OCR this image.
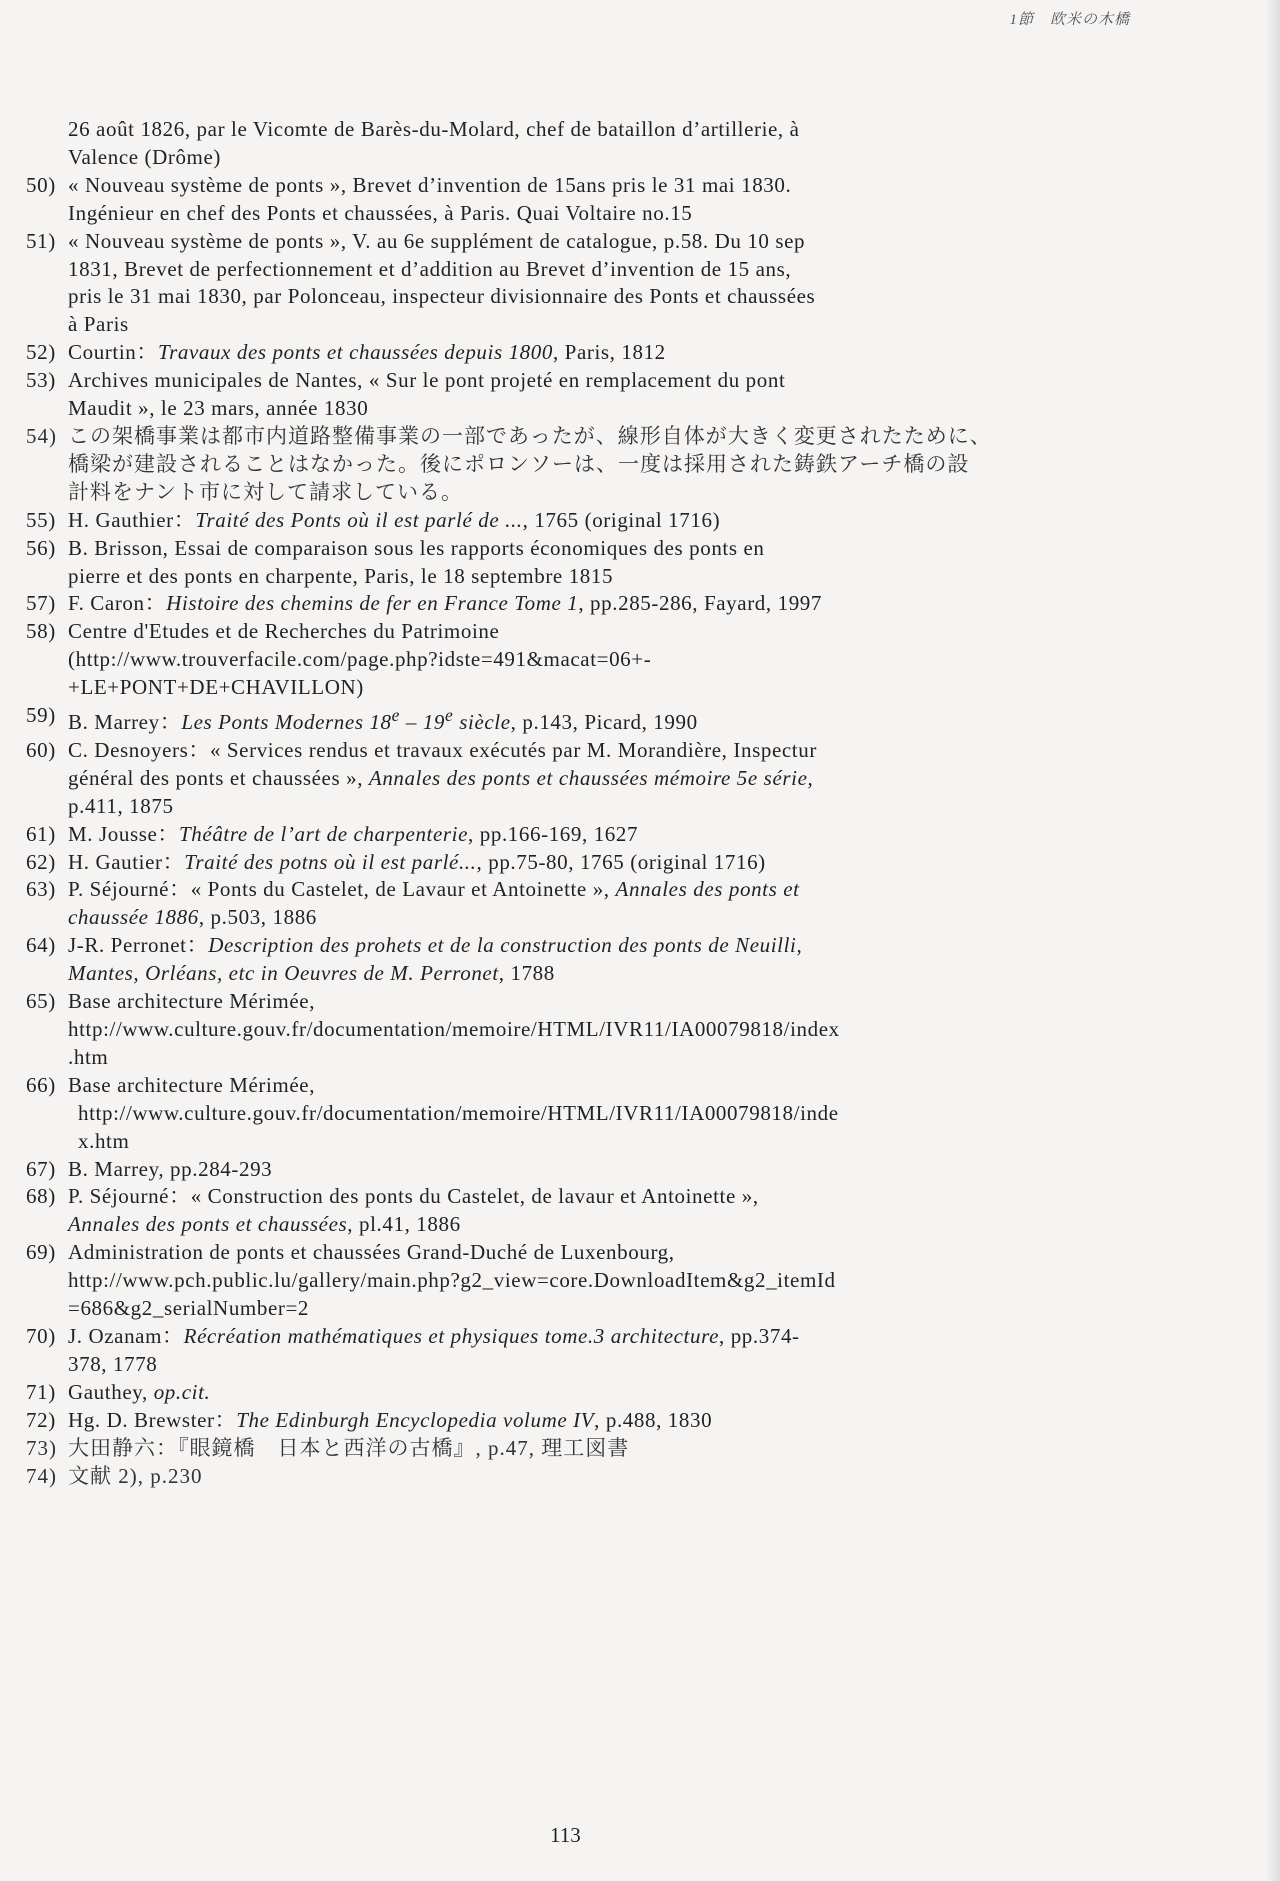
1節　欧米の木橋
26 août 1826, par le Vicomte de Barès-du-Molard, chef de bataillon d’artillerie, à
Valence (Drôme)
50) « Nouveau système de ponts », Brevet d’invention de 15ans pris le 31 mai 1830.
Ingénieur en chef des Ponts et chaussées, à Paris. Quai Voltaire no.15
51) « Nouveau système de ponts », V. au 6e supplément de catalogue, p.58. Du 10 sep
1831, Brevet de perfectionnement et d’addition au Brevet d’invention de 15 ans,
pris le 31 mai 1830, par Polonceau, inspecteur divisionnaire des Ponts et chaussées
à Paris
52) Courtin：Travaux des ponts et chaussées depuis 1800, Paris, 1812
53) Archives municipales de Nantes, « Sur le pont projeté en remplacement du pont
Maudit », le 23 mars, année 1830
54) この架橋事業は都市内道路整備事業の一部であったが、線形自体が大きく変更されたために、
橋梁が建設されることはなかった。後にポロンソーは、一度は採用された鋳鉄アーチ橋の設
計料をナント市に対して請求している。
55) H. Gauthier：Traité des Ponts où il est parlé de ..., 1765 (original 1716)
56) B. Brisson, Essai de comparaison sous les rapports économiques des ponts en
pierre et des ponts en charpente, Paris, le 18 septembre 1815
57) F. Caron：Histoire des chemins de fer en France Tome 1, pp.285-286, Fayard, 1997
58) Centre d'Etudes et de Recherches du Patrimoine
(http://www.trouverfacile.com/page.php?idste=491&macat=06+-
+LE+PONT+DE+CHAVILLON)
59) B. Marrey：Les Ponts Modernes 18e – 19e siècle, p.143, Picard, 1990
60) C. Desnoyers：« Services rendus et travaux exécutés par M. Morandière, Inspectur
général des ponts et chaussées », Annales des ponts et chaussées mémoire 5e série,
p.411, 1875
61) M. Jousse：Théâtre de l’art de charpenterie, pp.166-169, 1627
62) H. Gautier：Traité des potns où il est parlé..., pp.75-80, 1765 (original 1716)
63) P. Séjourné：« Ponts du Castelet, de Lavaur et Antoinette », Annales des ponts et
chaussée 1886, p.503, 1886
64) J-R. Perronet：Description des prohets et de la construction des ponts de Neuilli,
Mantes, Orléans, etc in Oeuvres de M. Perronet, 1788
65) Base architecture Mérimée,
http://www.culture.gouv.fr/documentation/memoire/HTML/IVR11/IA00079818/index
.htm
66) Base architecture Mérimée,
http://www.culture.gouv.fr/documentation/memoire/HTML/IVR11/IA00079818/inde
x.htm
67) B. Marrey, pp.284-293
68) P. Séjourné：« Construction des ponts du Castelet, de lavaur et Antoinette »,
Annales des ponts et chaussées, pl.41, 1886
69) Administration de ponts et chaussées Grand-Duché de Luxenbourg,
http://www.pch.public.lu/gallery/main.php?g2_view=core.DownloadItem&g2_itemId
=686&g2_serialNumber=2
70) J. Ozanam：Récréation mathématiques et physiques tome.3 architecture, pp.374-
378, 1778
71) Gauthey, op.cit.
72) Hg. D. Brewster：The Edinburgh Encyclopedia volume IV, p.488, 1830
73) 大田静六：『眼鏡橋　日本と西洋の古橋』, p.47, 理工図書
74) 文献 2), p.230
113
